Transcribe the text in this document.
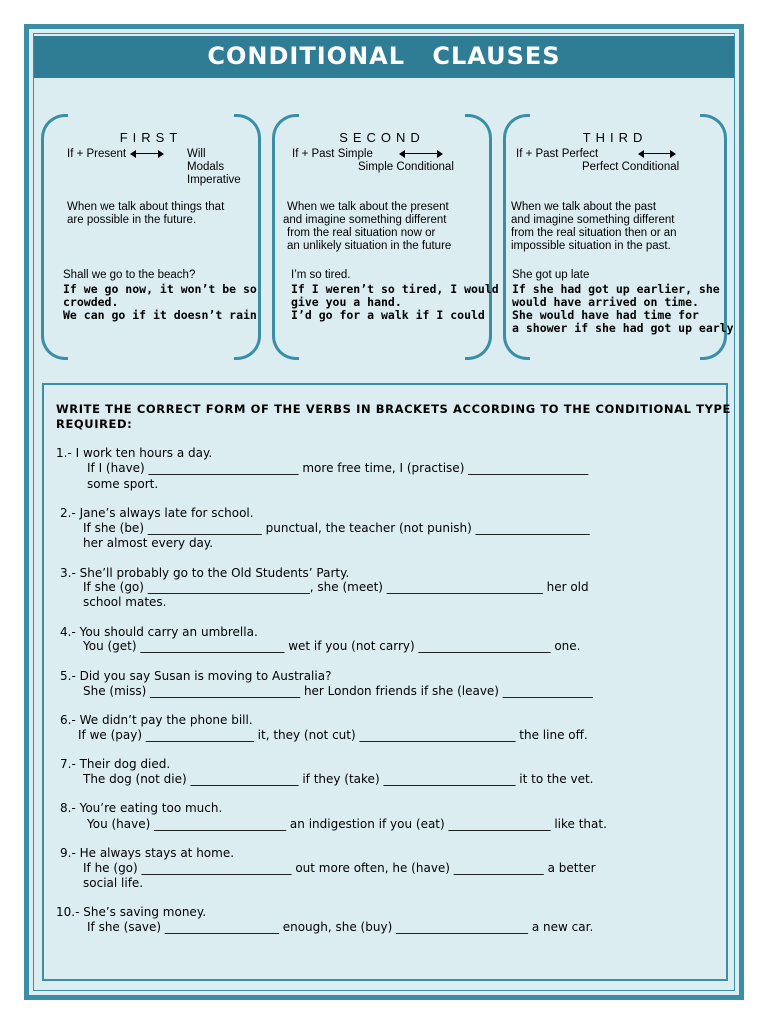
CONDITIONAL CLAUSES
FIRST
If + Present	Will
Modals
Imperative
When we talk about things that
are possible in the future.
Shall we go to the beach?
If we go now, it won’t be so
crowded.
We can go if it doesn’t rain
SECOND
If + Past Simple
Simple Conditional
When we talk about the present
and imagine something different
from the real situation now or
an unlikely situation in the future
I’m so tired.
If I weren’t so tired, I would
give you a hand.
I’d go for a walk if I could
THIRD
If + Past Perfect
Perfect Conditional
When we talk about the past
and imagine something different
from the real situation then or an
impossible situation in the past.
She got up late
If she had got up earlier, she
would have arrived on time.
She would have had time for
a shower if she had got up early
WRITE THE CORRECT FORM OF THE VERBS IN BRACKETS ACCORDING TO THE CONDITIONAL TYPE REQUIRED:
1.- I work ten hours a day.
If I (have) _________________________ more free time, I (practise) ____________________
some sport.
2.- Jane’s always late for school.
If she (be) ___________________ punctual, the teacher (not punish) ___________________
her almost every day.
3.- She’ll probably go to the Old Students’ Party.
If she (go) ___________________________, she (meet) __________________________ her old
school mates.
4.- You should carry an umbrella.
You (get) ________________________ wet if you (not carry) ______________________ one.
5.- Did you say Susan is moving to Australia?
She (miss) _________________________ her London friends if she (leave) _______________
6.- We didn’t pay the phone bill.
If we (pay) __________________ it, they (not cut) __________________________ the line off.
7.- Their dog died.
The dog (not die) __________________ if they (take) ______________________ it to the vet.
8.- You’re eating too much.
You (have) ______________________ an indigestion if you (eat) _________________ like that.
9.- He always stays at home.
If he (go) _________________________ out more often, he (have) _______________ a better
social life.
10.- She’s saving money.
If she (save) ___________________ enough, she (buy) ______________________ a new car.
